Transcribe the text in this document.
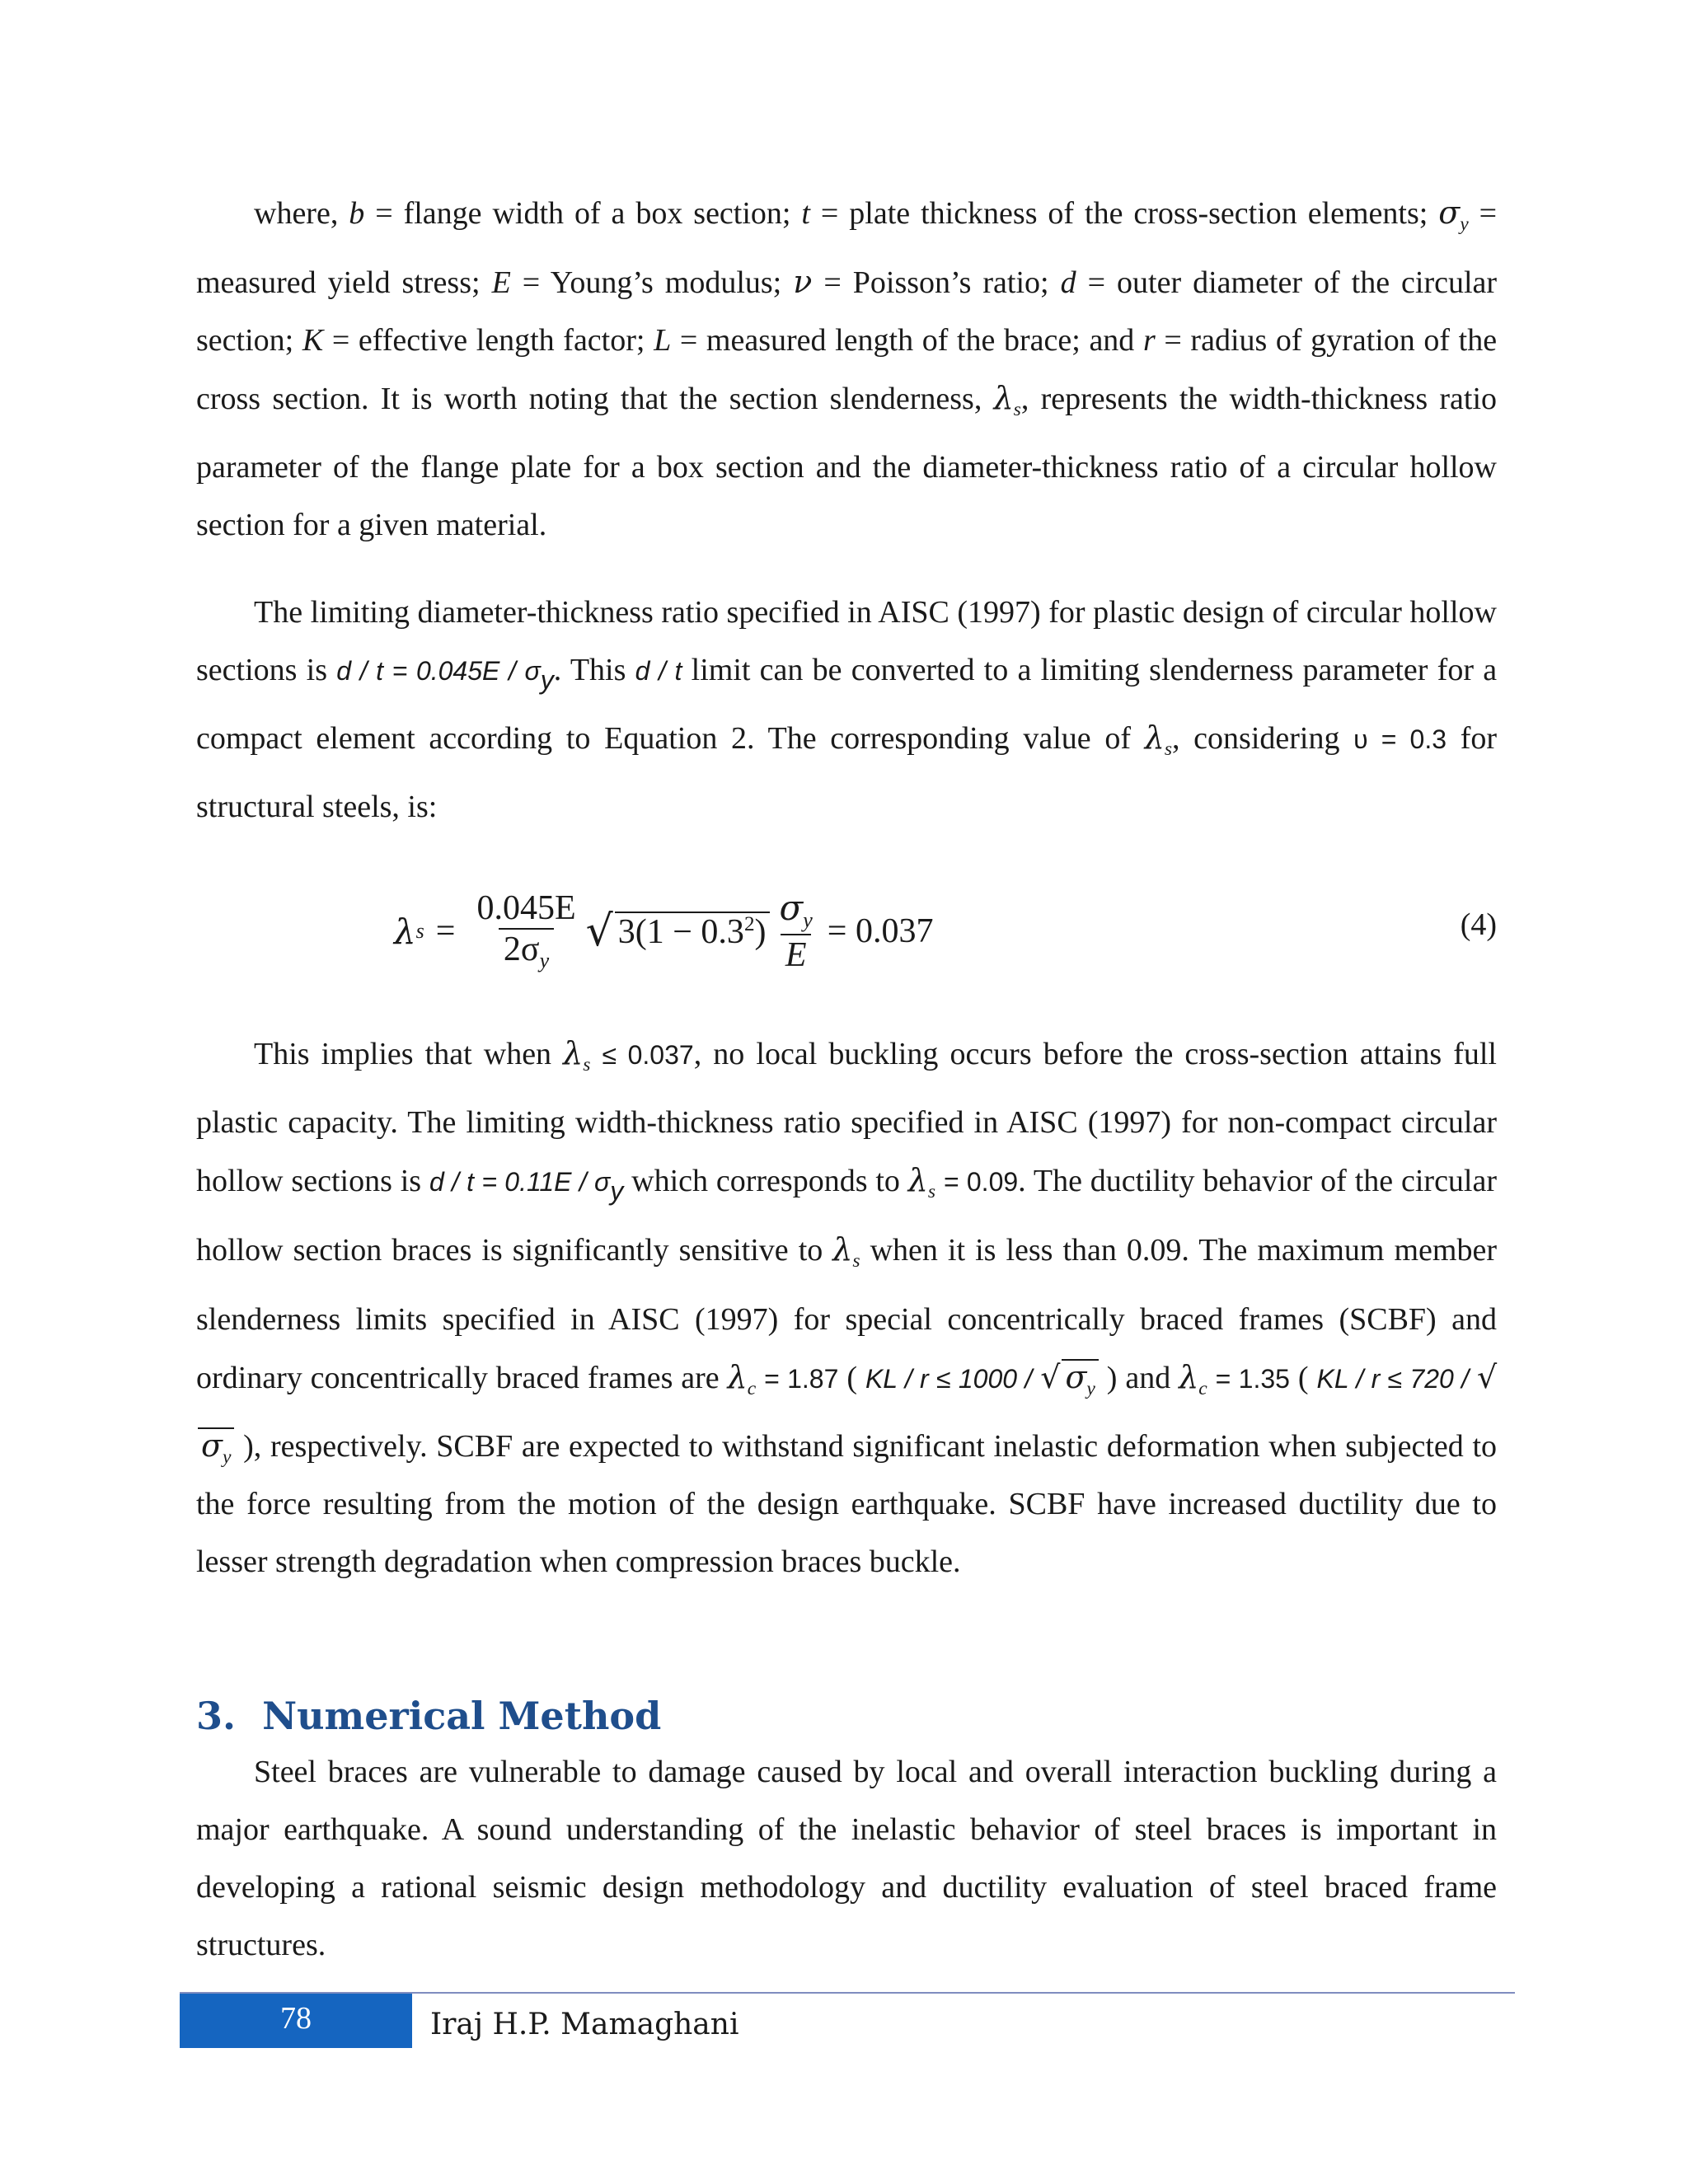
where, b = flange width of a box section; t = plate thickness of the cross-section elements; $\sigma_y$ = measured yield stress; E = Young’s modulus; ν = Poisson’s ratio; d = outer diameter of the circular section; K = effective length factor; L = measured length of the brace; and r = radius of gyration of the cross section. It is worth noting that the section slenderness, $\lambda_s$, represents the width-thickness ratio parameter of the flange plate for a box section and the diameter-thickness ratio of a circular hollow section for a given material.

The limiting diameter-thickness ratio specified in AISC (1997) for plastic design of circular hollow sections is $d / t = 0.045E / \sigma_y$. This d / t limit can be converted to a limiting slenderness parameter for a compact element according to Equation 2. The corresponding value of $\lambda_s$, considering υ = 0.3 for structural steels, is:

λ $s = \frac{0.045E}{2\sigma_y}$ √ $3(1 - 0.3^2) \frac{\sigma_y}{E} = 0.037$	(4)

This implies that when $\lambda_s \le 0.037$, no local buckling occurs before the cross-section attains full plastic capacity. The limiting width-thickness ratio specified in AISC (1997) for non-compact circular hollow sections is $d / t = 0.11E / \sigma_y$ which corresponds to $\lambda_s = 0.09$. The ductility behavior of the circular hollow section braces is significantly sensitive to $\lambda_s$ when it is less than 0.09. The maximum member slenderness limits specified in AISC (1997) for special concentrically braced frames (SCBF) and ordinary concentrically braced frames are $\lambda_c = 1.87$ ( KL / r ≤ 1000 / √ $\sigma_y$ ) and $\lambda_c = 1.35$ ( KL / $r \le 720 / √\sigma_y$ ), respectively. SCBF are expected to withstand significant inelastic deformation when subjected to the force resulting from the motion of the design earthquake. SCBF have increased ductility due to lesser strength degradation when compression braces buckle.

3. Numerical Method

Steel braces are vulnerable to damage caused by local and overall interaction buckling during a major earthquake. A sound understanding of the inelastic behavior of steel braces is important in developing a rational seismic design methodology and ductility evaluation of steel braced frame structures.

78	Iraj H.P. Mamaghani
